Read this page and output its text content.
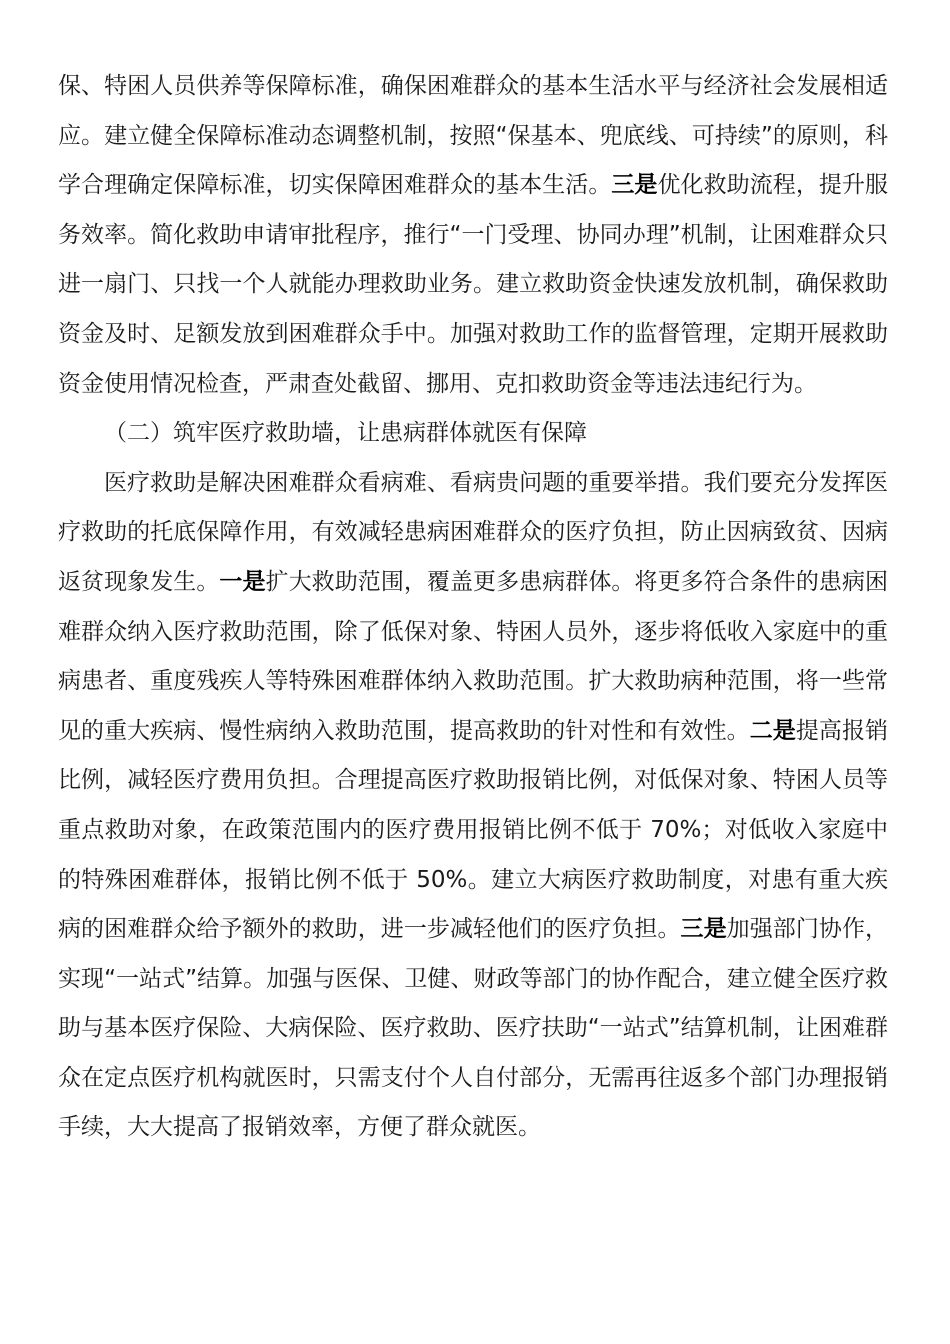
保、特困人员供养等保障标准，确保困难群众的基本生活水平与经济社会发展相适应。建立健全保障标准动态调整机制，按照“保基本、兜底线、可持续”的原则，科学合理确定保障标准，切实保障困难群众的基本生活。三是优化救助流程，提升服务效率。简化救助申请审批程序，推行“一门受理、协同办理”机制，让困难群众只进一扇门、只找一个人就能办理救助业务。建立救助资金快速发放机制，确保救助资金及时、足额发放到困难群众手中。加强对救助工作的监督管理，定期开展救助资金使用情况检查，严肃查处截留、挪用、克扣救助资金等违法违纪行为。

（二）筑牢医疗救助墙，让患病群体就医有保障

医疗救助是解决困难群众看病难、看病贵问题的重要举措。我们要充分发挥医疗救助的托底保障作用，有效减轻患病困难群众的医疗负担，防止因病致贫、因病返贫现象发生。一是扩大救助范围，覆盖更多患病群体。将更多符合条件的患病困难群众纳入医疗救助范围，除了低保对象、特困人员外，逐步将低收入家庭中的重病患者、重度残疾人等特殊困难群体纳入救助范围。扩大救助病种范围，将一些常见的重大疾病、慢性病纳入救助范围，提高救助的针对性和有效性。二是提高报销比例，减轻医疗费用负担。合理提高医疗救助报销比例，对低保对象、特困人员等重点救助对象，在政策范围内的医疗费用报销比例不低于 70%；对低收入家庭中的特殊困难群体，报销比例不低于 50%。建立大病医疗救助制度，对患有重大疾病的困难群众给予额外的救助，进一步减轻他们的医疗负担。三是加强部门协作，实现“一站式”结算。加强与医保、卫健、财政等部门的协作配合，建立健全医疗救助与基本医疗保险、大病保险、医疗救助、医疗扶助“一站式”结算机制，让困难群众在定点医疗机构就医时，只需支付个人自付部分，无需再往返多个部门办理报销手续，大大提高了报销效率，方便了群众就医。
